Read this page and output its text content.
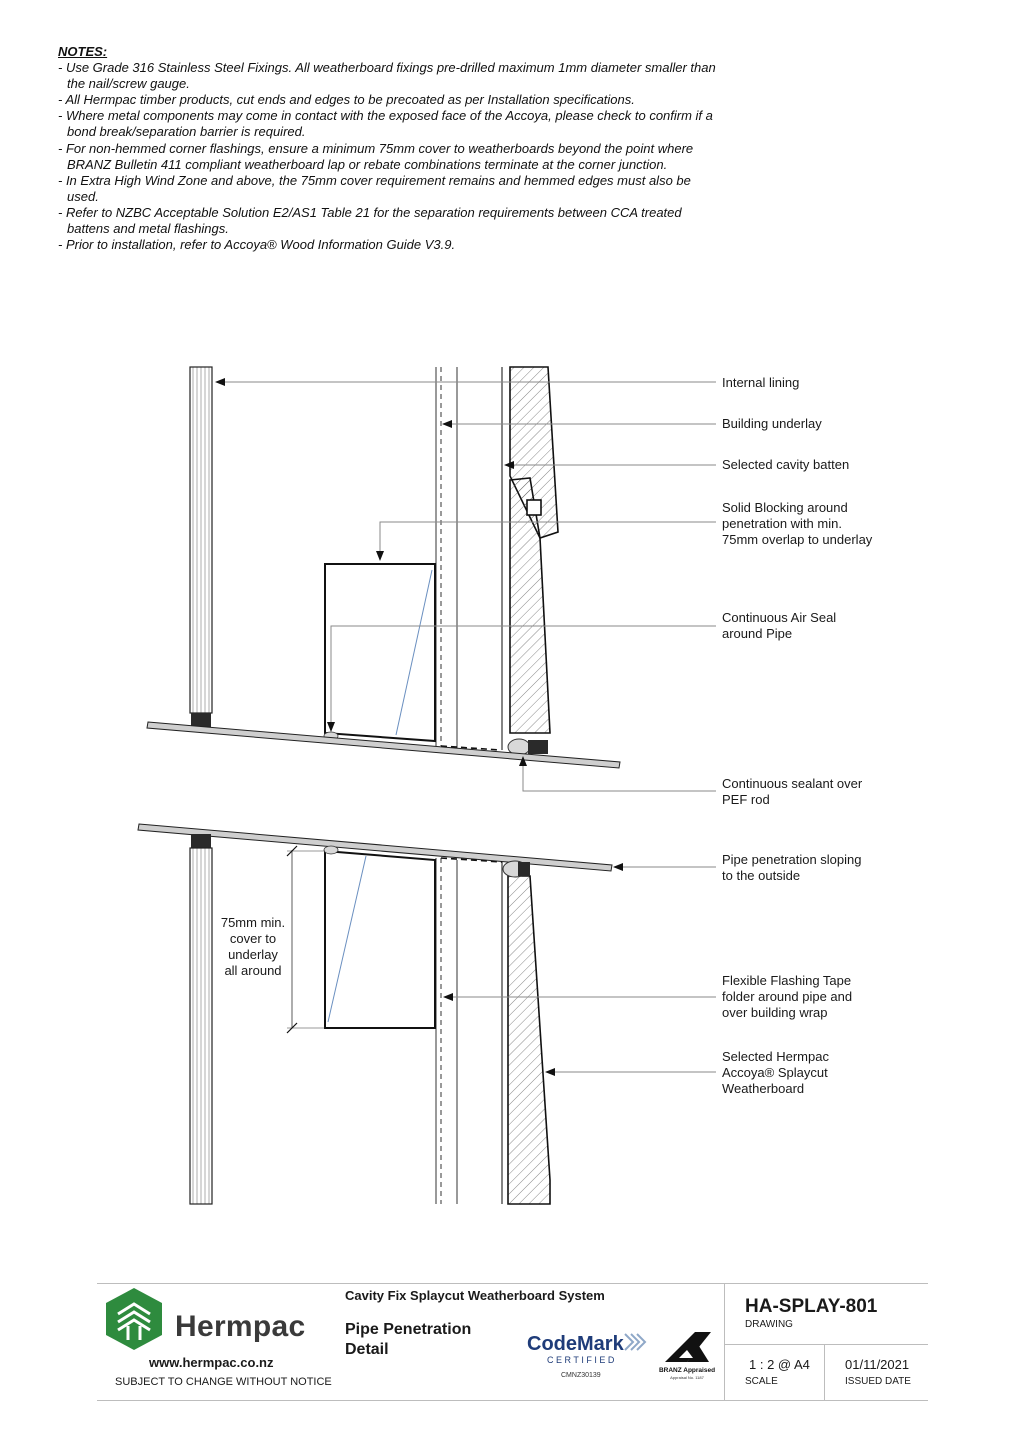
NOTES:
- Use Grade 316 Stainless Steel Fixings. All weatherboard fixings pre-drilled maximum 1mm diameter smaller than the nail/screw gauge.
- All Hermpac timber products, cut ends and edges to be precoated as per Installation specifications.
- Where metal components may come in contact with the exposed face of the Accoya, please check to confirm if a bond break/separation barrier is required.
- For non-hemmed corner flashings, ensure a minimum 75mm cover to weatherboards beyond the point where BRANZ Bulletin 411 compliant weatherboard lap or rebate combinations terminate at the corner junction.
- In Extra High Wind Zone and above, the 75mm cover requirement remains and hemmed edges must also be used.
- Refer to NZBC Acceptable Solution E2/AS1 Table 21 for the separation requirements between CCA treated battens and metal flashings.
- Prior to installation, refer to Accoya® Wood Information Guide V3.9.
75mm min.
cover to
underlay
all around
Internal lining
Building underlay
Selected cavity batten
Solid Blocking around
penetration with min.
75mm overlap to underlay
Continuous Air Seal
around Pipe
Continuous sealant over
PEF rod
Pipe penetration sloping
to the outside
Flexible Flashing Tape
folder around pipe and
over building wrap
Selected Hermpac
Accoya® Splaycut
Weatherboard
Hermpac
www.hermpac.co.nz
SUBJECT TO CHANGE WITHOUT NOTICE
Cavity Fix Splaycut Weatherboard System
Pipe Penetration
Detail	CodeMark
CERTIFIED
CMNZ30139
BRANZ Appraised
Appraisal No. 1187
HA-SPLAY-801
DRAWING
1 : 2 @ A4
SCALE
01/11/2021
ISSUED DATE
